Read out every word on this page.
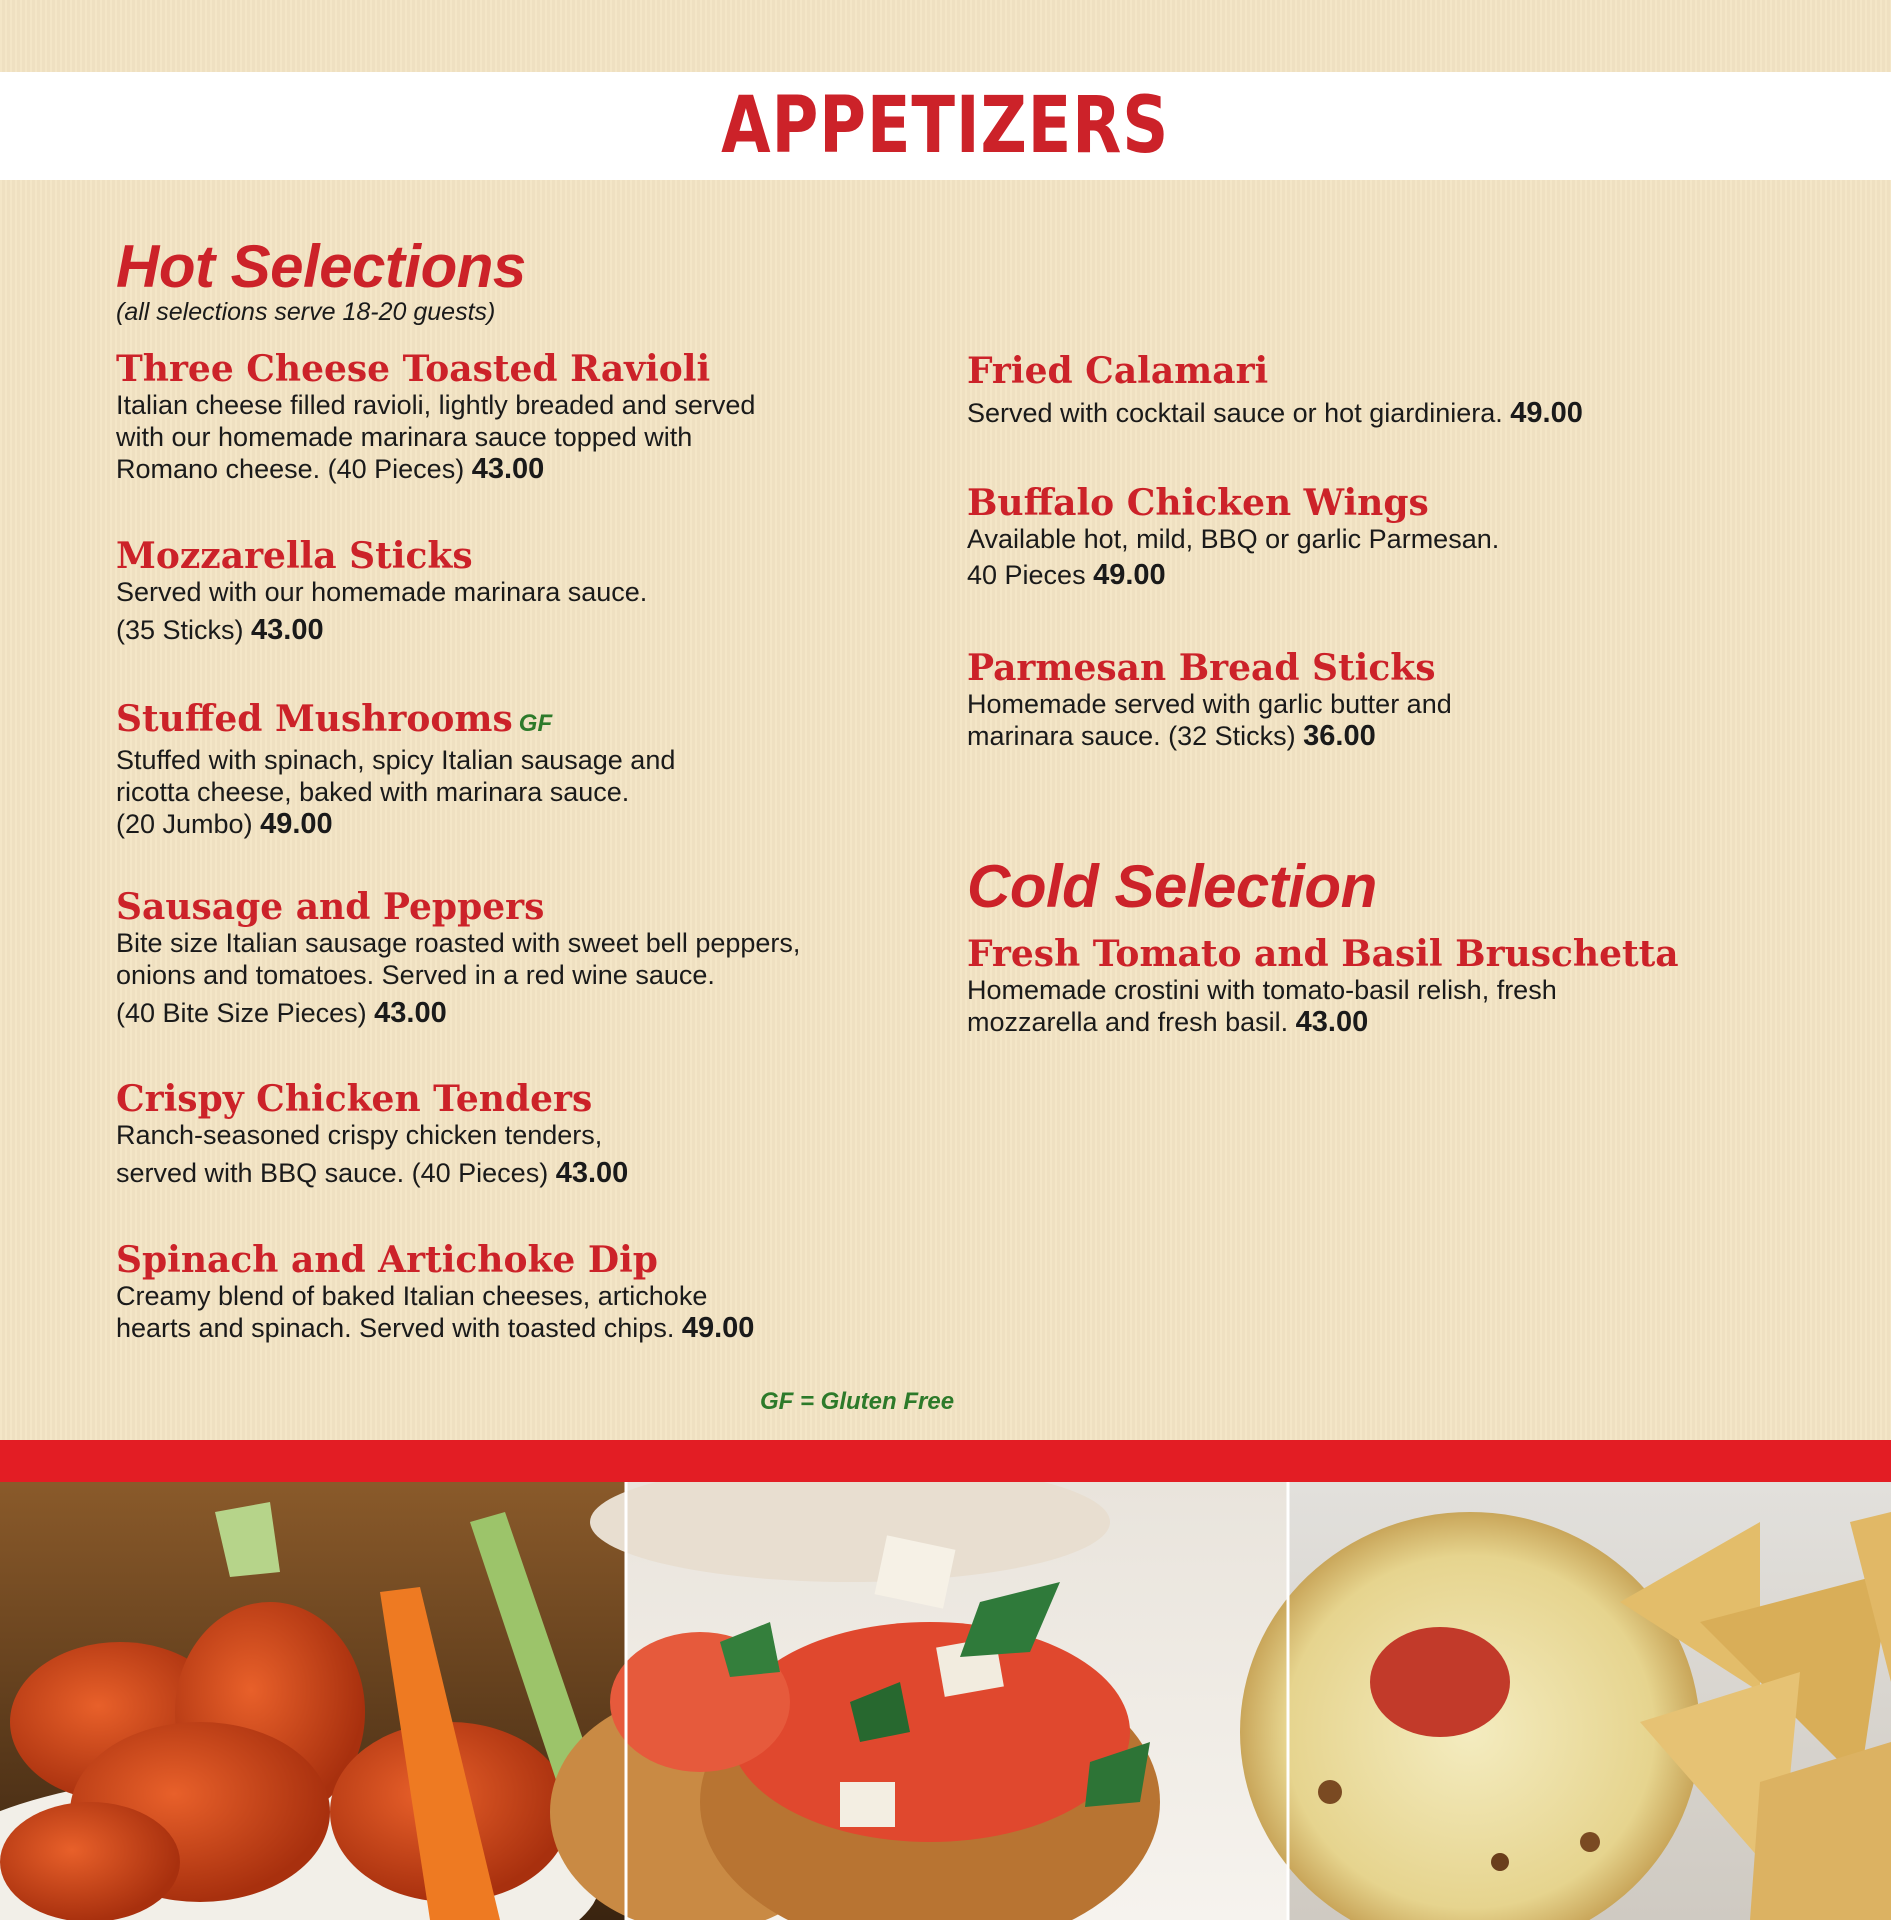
APPETIZERS
Hot Selections
(all selections serve 18-20 guests)
Three Cheese Toasted Ravioli
Italian cheese filled ravioli, lightly breaded and served
with our homemade marinara sauce topped with
Romano cheese. (40 Pieces) 43.00
Mozzarella Sticks
Served with our homemade marinara sauce.
(35 Sticks) 43.00
Stuffed Mushrooms GF
Stuffed with spinach, spicy Italian sausage and
ricotta cheese, baked with marinara sauce.
(20 Jumbo) 49.00
Sausage and Peppers
Bite size Italian sausage roasted with sweet bell peppers,
onions and tomatoes. Served in a red wine sauce.
(40 Bite Size Pieces) 43.00
Crispy Chicken Tenders
Ranch-seasoned crispy chicken tenders,
served with BBQ sauce. (40 Pieces) 43.00
Spinach and Artichoke Dip
Creamy blend of baked Italian cheeses, artichoke
hearts and spinach. Served with toasted chips. 49.00
Fried Calamari
Served with cocktail sauce or hot giardiniera. 49.00
Buffalo Chicken Wings
Available hot, mild, BBQ or garlic Parmesan.
40 Pieces 49.00
Parmesan Bread Sticks
Homemade served with garlic butter and
marinara sauce. (32 Sticks) 36.00
Cold Selection
Fresh Tomato and Basil Bruschetta
Homemade crostini with tomato-basil relish, fresh
mozzarella and fresh basil. 43.00
GF = Gluten Free
